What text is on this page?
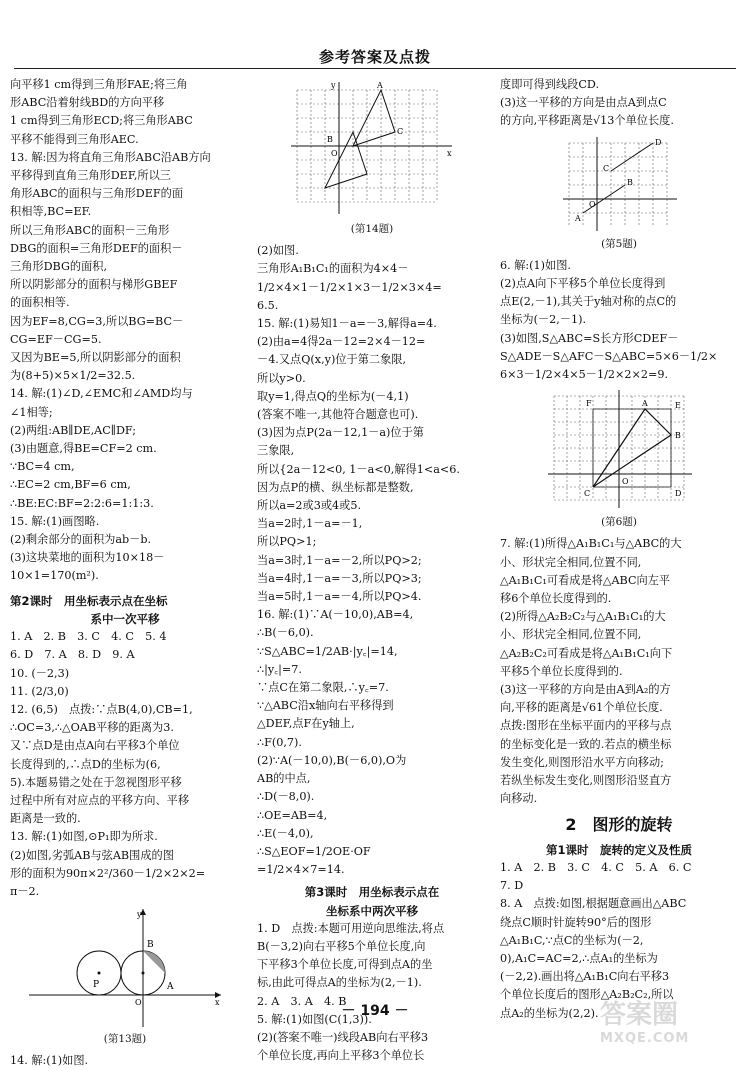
参考答案及点拨
向平移1 cm得到三角形FAE;将三角
形ABC沿着射线BD的方向平移
1 cm得到三角形ECD;将三角形ABC
平移不能得到三角形AEC.
13. 解:因为将直角三角形ABC沿AB方向
平移得到直角三角形DEF,所以三
角形ABC的面积与三角形DEF的面
积相等,BC=EF.
所以三角形ABC的面积－三角形
DBG的面积=三角形DEF的面积－
三角形DBG的面积,
所以阴影部分的面积与梯形GBEF
的面积相等.
因为EF=8,CG=3,所以BG=BC－
CG=EF－CG=5.
又因为BE=5,所以阴影部分的面积
为(8+5)×5×1/2=32.5.
14. 解:(1)∠D,∠EMC和∠AMD均与
∠1相等;
(2)两组:AB∥DE,AC∥DF;
(3)由题意,得BE=CF=2 cm.
∵BC=4 cm,
∴EC=2 cm,BF=6 cm,
∴BE:EC:BF=2:2:6=1:1:3.
15. 解:(1)画图略.
(2)剩余部分的面积为ab－b.
(3)这块菜地的面积为10×18－
10×1=170(m²).
第2课时　用坐标表示点在坐标
系中一次平移
1. A　2. B　3. C　4. C　5. 4
6. D　7. A　8. D　9. A
10. (－2,3)
11. (2/3,0)
12. (6,5)　点拨:∵点B(4,0),CB=1,
∴OC=3,∴△OAB平移的距离为3.
又∵点D是由点A向右平移3个单位
长度得到的,∴点D的坐标为(6,
5).本题易错之处在于忽视图形平移
过程中所有对应点的平移方向、平移
距离是一致的.
13. 解:(1)如图,⊙P₁即为所求.
(2)如图,劣弧AB与弦AB围成的图
形的面积为90π×2²/360－1/2×2×2=
π－2.
P
B
A
O
y
x
(第13题)
14. 解:(1)如图.
B
A
C
O	x
y
(第14题)
(2)如图.
三角形A₁B₁C₁的面积为4×4－
1/2×4×1－1/2×1×3－1/2×3×4=
6.5.
15. 解:(1)易知1－a=－3,解得a=4.
(2)由a=4得2a－12=2×4－12=
－4.又点Q(x,y)位于第二象限,
所以y>0.
取y=1,得点Q的坐标为(－4,1)
(答案不唯一,其他符合题意也可).
(3)因为点P(2a－12,1－a)位于第
三象限,
所以{2a－12<0, 1－a<0,解得1<a<6.
因为点P的横、纵坐标都是整数,
所以a=2或3或4或5.
当a=2时,1－a=－1,
所以PQ>1;
当a=3时,1－a=－2,所以PQ>2;
当a=4时,1－a=－3,所以PQ>3;
当a=5时,1－a=－4,所以PQ>4.
16. 解:(1)∵A(－10,0),AB=4,
∴B(－6,0).
∵S△ABC=1/2AB·|y꜀|=14,
∴|y꜀|=7.
∵点C在第二象限,∴y꜀=7.
∵△ABC沿x轴向右平移得到
△DEF,点F在y轴上,
∴F(0,7).
(2)∵A(－10,0),B(－6,0),O为
AB的中点,
∴D(－8,0).
∴OE=AB=4,
∴E(－4,0),
∴S△EOF=1/2OE·OF
=1/2×4×7=14.
第3课时　用坐标表示点在
坐标系中两次平移
1. D　点拨:本题可用逆向思维法,将点
B(－3,2)向右平移5个单位长度,向
下平移3个单位长度,可得到点A的坐
标,由此可得点A的坐标为(2,－1).
2. A　3. A　4. B
5. 解:(1)如图(C(1,3)).
(2)(答案不唯一)线段AB向右平移3
个单位长度,再向上平移3个单位长
度即可得到线段CD.
(3)这一平移的方向是由点A到点C
的方向,平移距离是√13个单位长度.
A
B
C
D
O
(第5题)
6. 解:(1)如图.
(2)点A向下平移5个单位长度得到
点E(2,－1),其关于y轴对称的点C的
坐标为(－2,－1).
(3)如图,S△ABC=S长方形CDEF－
S△ADE－S△AFC－S△ABC=5×6－1/2×
6×3－1/2×4×5－1/2×2×2=9.
F	A	E
B
C	D
O
(第6题)
7. 解:(1)所得△A₁B₁C₁与△ABC的大
小、形状完全相同,位置不同,
△A₁B₁C₁可看成是将△ABC向左平
移6个单位长度得到的.
(2)所得△A₂B₂C₂与△A₁B₁C₁的大
小、形状完全相同,位置不同,
△A₂B₂C₂可看成是将△A₁B₁C₁向下
平移5个单位长度得到的.
(3)这一平移的方向是由A到A₂的方
向,平移的距离是√61个单位长度.
点拨:图形在坐标平面内的平移与点
的坐标变化是一致的.若点的横坐标
发生变化,则图形沿水平方向移动;
若纵坐标发生变化,则图形沿竖直方
向移动.
2　图形的旋转
第1课时　旋转的定义及性质
1. A　2. B　3. C　4. C　5. A　6. C
7. D
8. A　点拨:如图,根据题意画出△ABC
绕点C顺时针旋转90°后的图形
△A₁B₁C,∵点C的坐标为(－2,
0),A₁C=AC=2,∴点A₁的坐标为
(－2,2).画出将△A₁B₁C向右平移3
个单位长度后的图形△A₂B₂C₂,所以
点A₂的坐标为(2,2).
－ 194 －	答案圈
MXQE.COM
